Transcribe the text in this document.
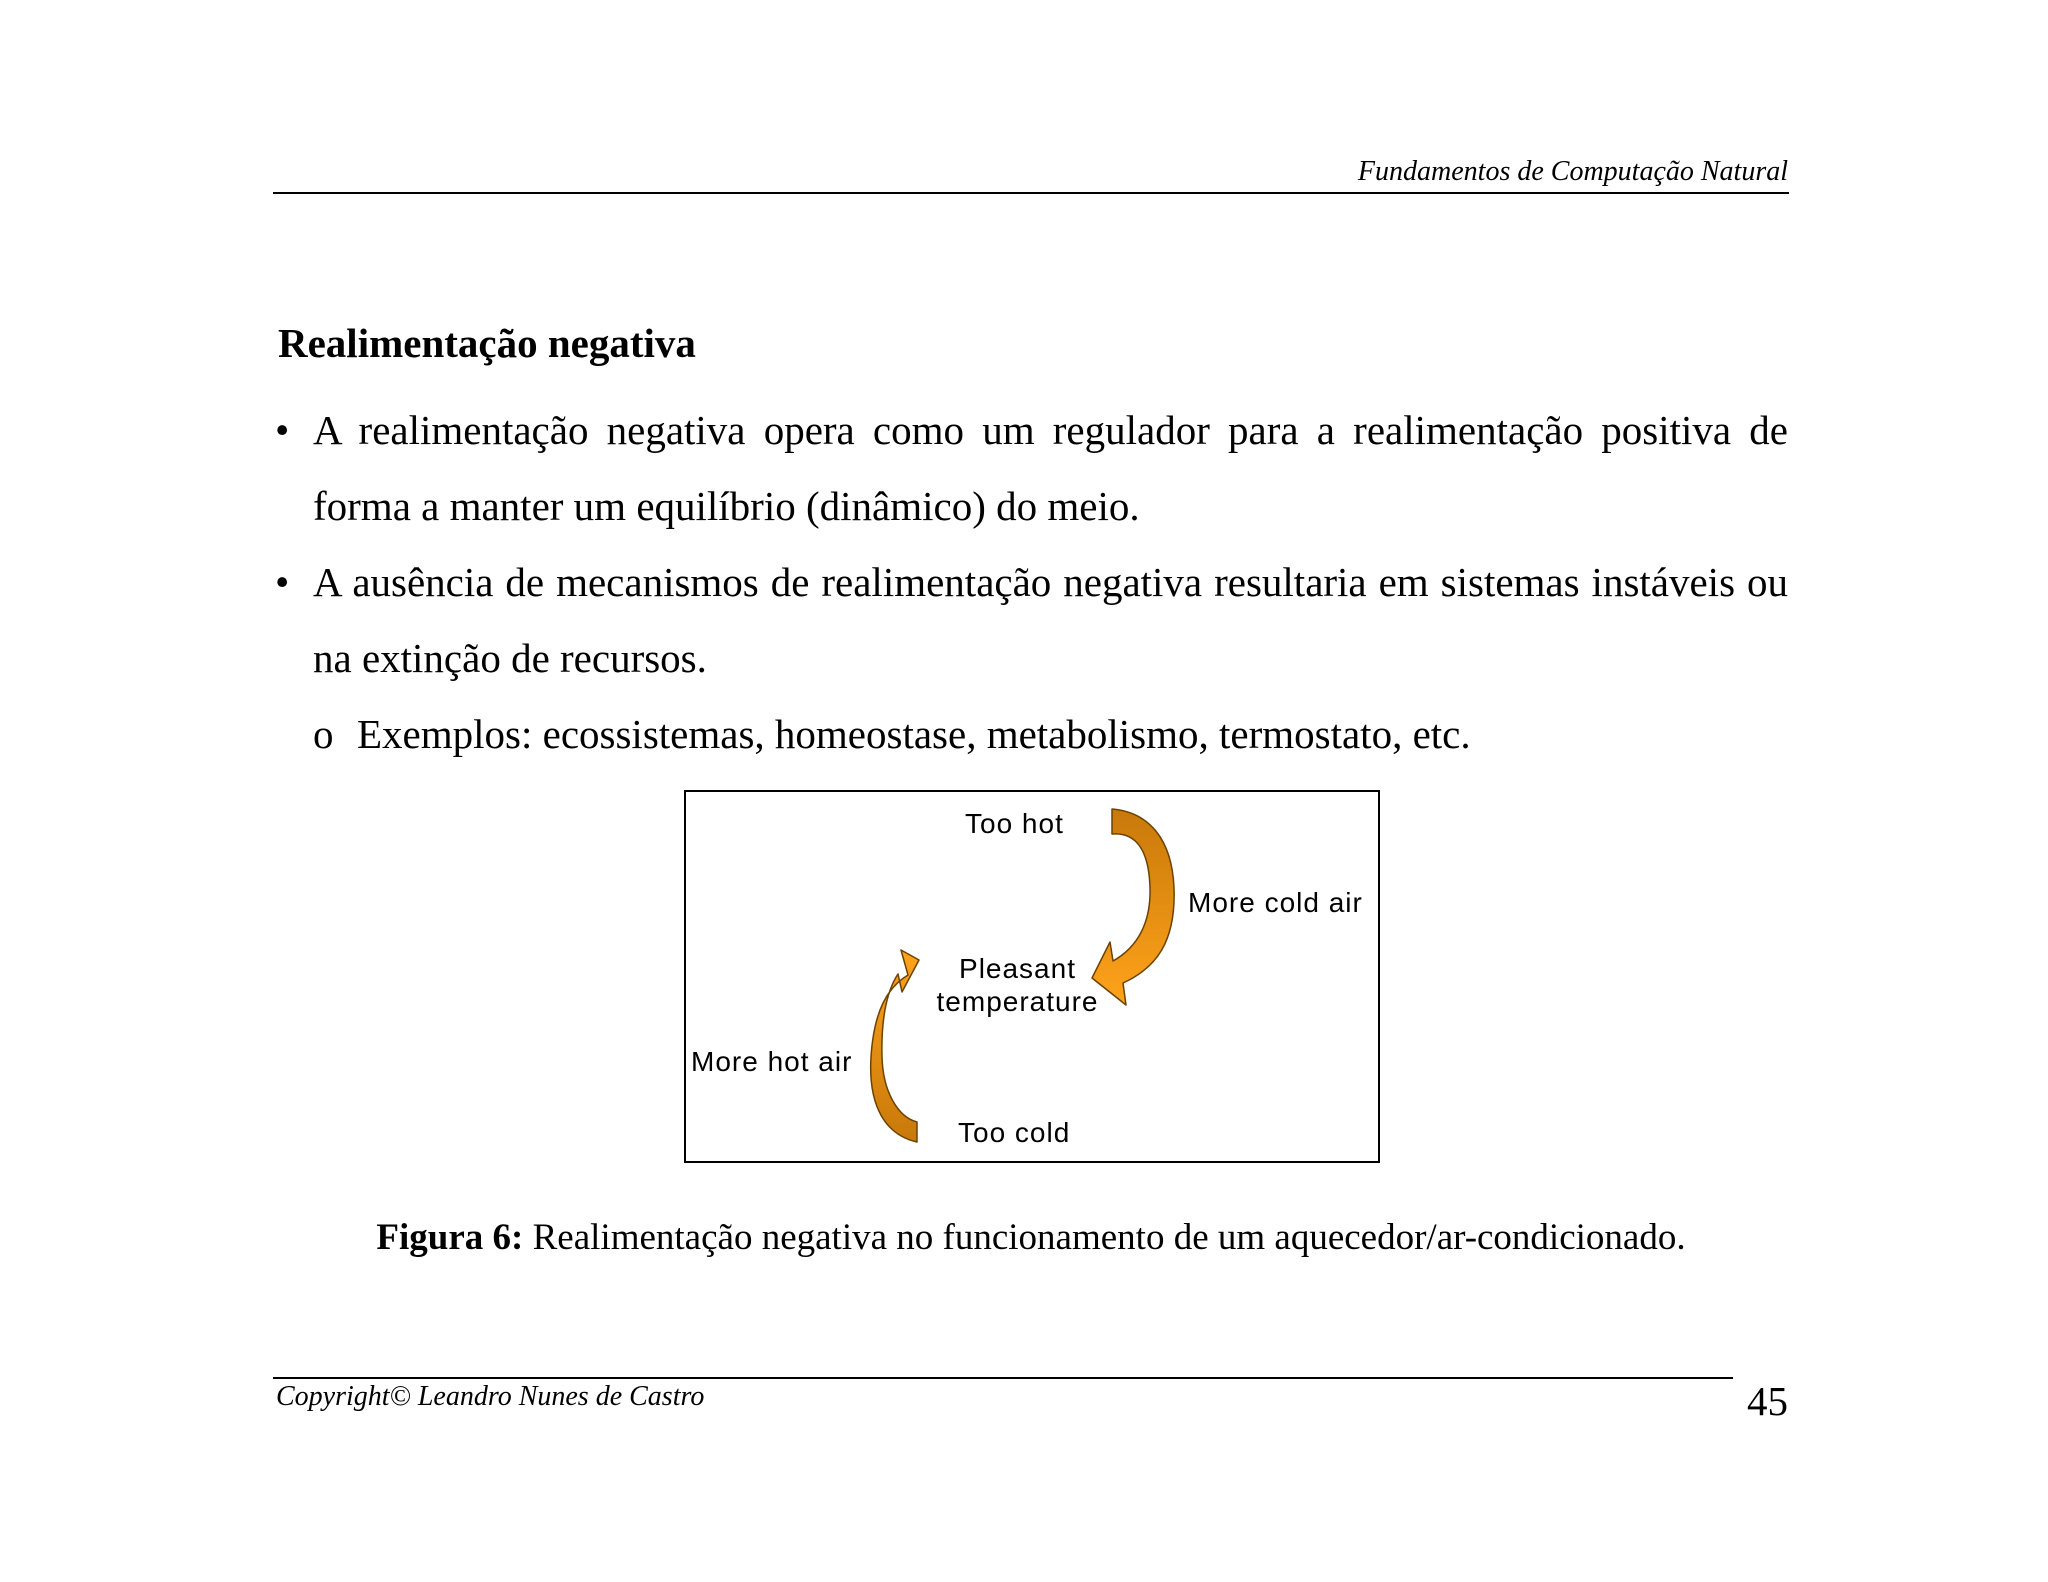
Fundamentos de Computação Natural
Realimentação negativa
• A realimentação negativa opera como um regulador para a realimentação positiva de forma a manter um equilíbrio (dinâmico) do meio.
• A ausência de mecanismos de realimentação negativa resultaria em sistemas instáveis ou na extinção de recursos.
o Exemplos: ecossistemas, homeostase, metabolismo, termostato, etc.
Too hot
More cold air
Pleasant
temperature
More hot air
Too cold
Figura 6: Realimentação negativa no funcionamento de um aquecedor/ar-condicionado.
Copyright© Leandro Nunes de Castro	45
